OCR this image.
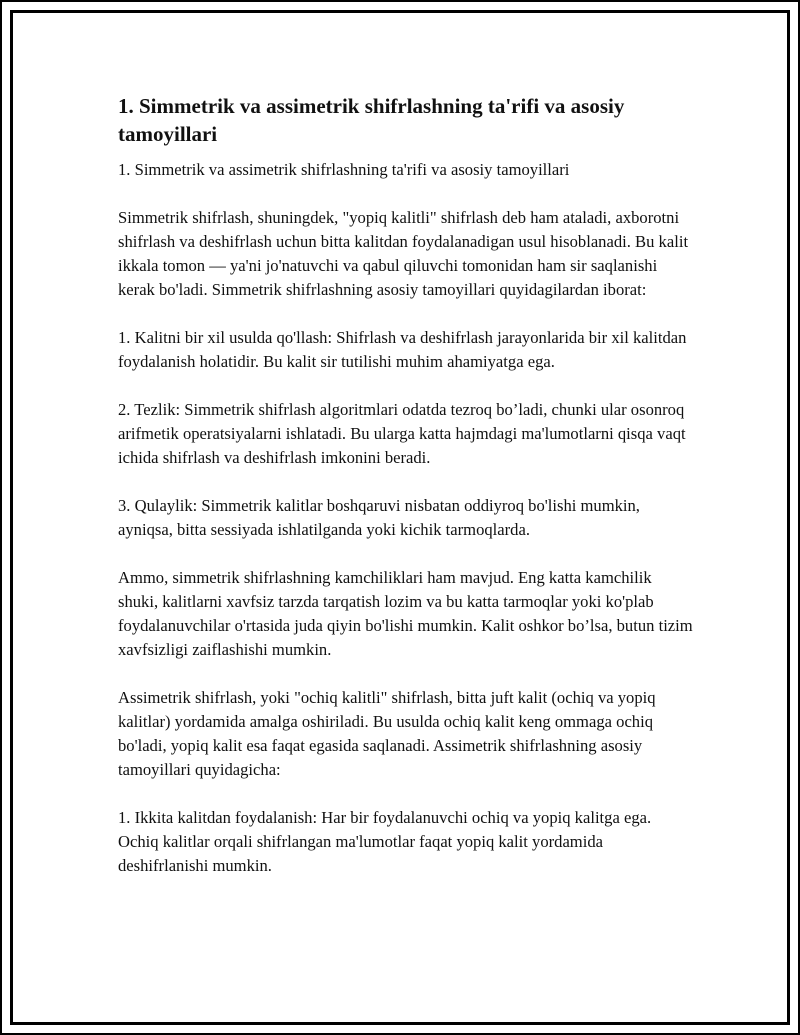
1. Simmetrik va assimetrik shifrlashning ta'rifi va asosiy tamoyillari

1. Simmetrik va assimetrik shifrlashning ta'rifi va asosiy tamoyillari

Simmetrik shifrlash, shuningdek, "yopiq kalitli" shifrlash deb ham ataladi, axborotni shifrlash va deshifrlash uchun bitta kalitdan foydalanadigan usul hisoblanadi. Bu kalit ikkala tomon — ya'ni jo'natuvchi va qabul qiluvchi tomonidan ham sir saqlanishi kerak bo'ladi. Simmetrik shifrlashning asosiy tamoyillari quyidagilardan iborat:

1. Kalitni bir xil usulda qo'llash: Shifrlash va deshifrlash jarayonlarida bir xil kalitdan foydalanish holatidir. Bu kalit sir tutilishi muhim ahamiyatga ega.

2. Tezlik: Simmetrik shifrlash algoritmlari odatda tezroq bo’ladi, chunki ular osonroq arifmetik operatsiyalarni ishlatadi. Bu ularga katta hajmdagi ma'lumotlarni qisqa vaqt ichida shifrlash va deshifrlash imkonini beradi.

3. Qulaylik: Simmetrik kalitlar boshqaruvi nisbatan oddiyroq bo'lishi mumkin, ayniqsa, bitta sessiyada ishlatilganda yoki kichik tarmoqlarda.

Ammo, simmetrik shifrlashning kamchiliklari ham mavjud. Eng katta kamchilik shuki, kalitlarni xavfsiz tarzda tarqatish lozim va bu katta tarmoqlar yoki ko'plab foydalanuvchilar o'rtasida juda qiyin bo'lishi mumkin. Kalit oshkor bo’lsa, butun tizim xavfsizligi zaiflashishi mumkin.

Assimetrik shifrlash, yoki "ochiq kalitli" shifrlash, bitta juft kalit (ochiq va yopiq kalitlar) yordamida amalga oshiriladi. Bu usulda ochiq kalit keng ommaga ochiq bo'ladi, yopiq kalit esa faqat egasida saqlanadi. Assimetrik shifrlashning asosiy tamoyillari quyidagicha:

1. Ikkita kalitdan foydalanish: Har bir foydalanuvchi ochiq va yopiq kalitga ega. Ochiq kalitlar orqali shifrlangan ma'lumotlar faqat yopiq kalit yordamida deshifrlanishi mumkin.
